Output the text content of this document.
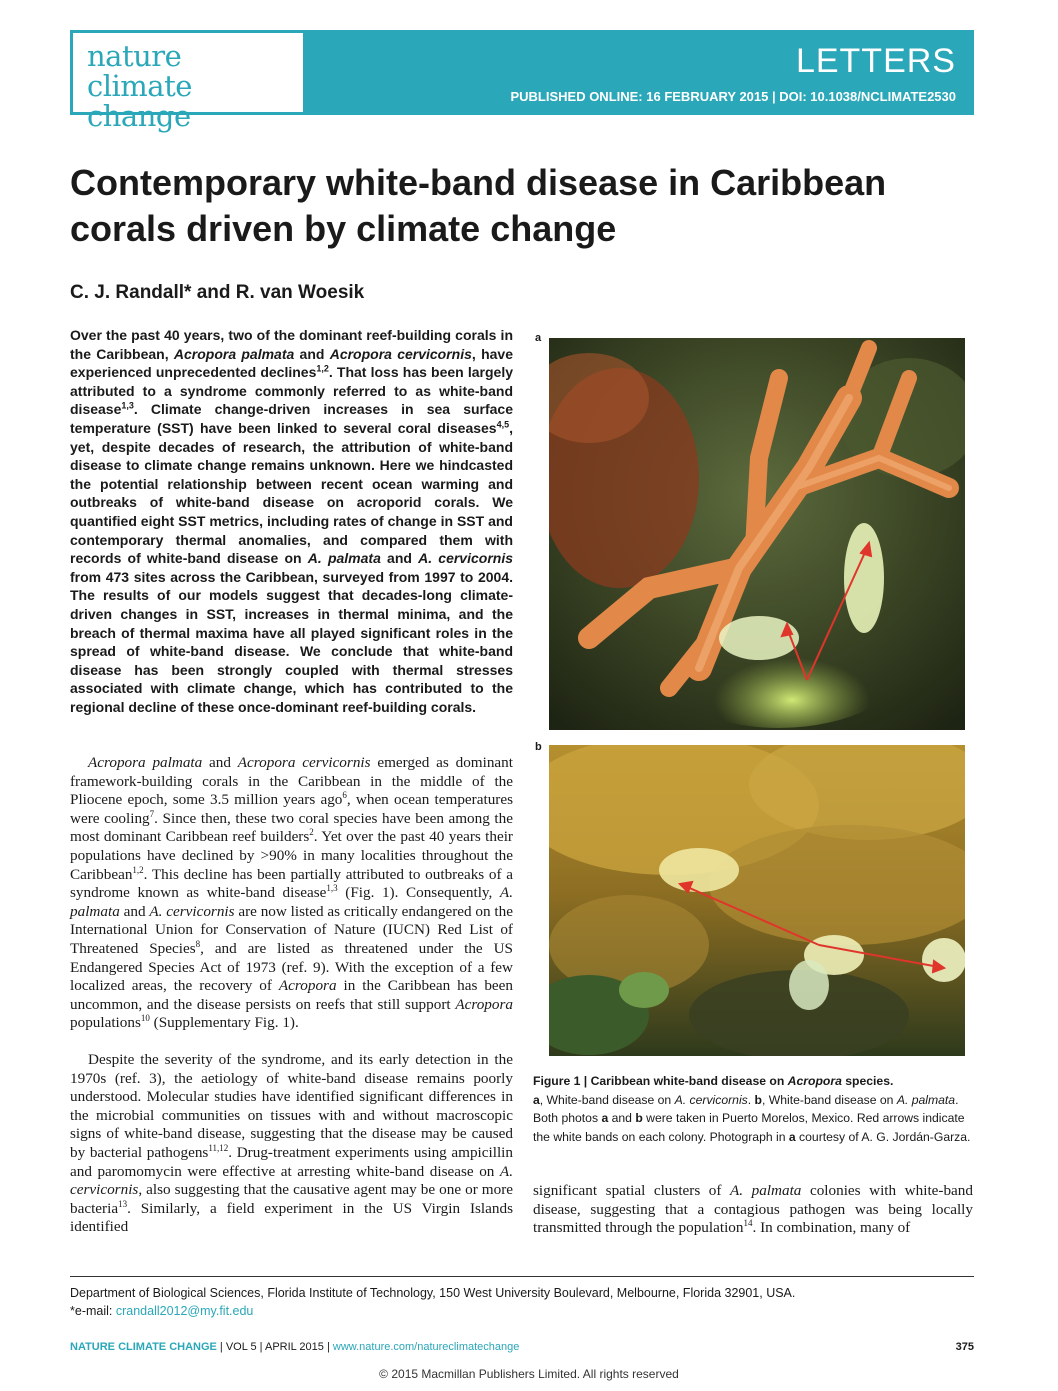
nature
climate change
LETTERS
PUBLISHED ONLINE: 16 FEBRUARY 2015 | DOI: 10.1038/NCLIMATE2530
Contemporary white-band disease in Caribbean
corals driven by climate change
C. J. Randall* and R. van Woesik
Over the past 40 years, two of the dominant reef-building corals in the Caribbean, Acropora palmata and Acropora cervicornis, have experienced unprecedented declines$^{1,2}$. That loss has been largely attributed to a syndrome commonly referred to as white-band disease$^{1,3}$. Climate change-driven increases in sea surface temperature (SST) have been linked to several coral diseases$^{4,5}$, yet, despite decades of research, the attribution of white-band disease to climate change remains unknown. Here we hindcasted the potential relationship between recent ocean warming and outbreaks of white-band disease on acroporid corals. We quantified eight SST metrics, including rates of change in SST and contemporary thermal anomalies, and compared them with records of white-band disease on A. palmata and A. cervicornis from 473 sites across the Caribbean, surveyed from 1997 to 2004. The results of our models suggest that decades-long climate-driven changes in SST, increases in thermal minima, and the breach of thermal maxima have all played significant roles in the spread of white-band disease. We conclude that white-band disease has been strongly coupled with thermal stresses associated with climate change, which has contributed to the regional decline of these once-dominant reef-building corals.
Acropora palmata and Acropora cervicornis emerged as dominant framework-building corals in the Caribbean in the middle of the Pliocene epoch, some 3.5 million years ago$^6$, when ocean temperatures were cooling$^7$. Since then, these two coral species have been among the most dominant Caribbean reef builders$^2$. Yet over the past 40 years their populations have declined by >90% in many localities throughout the Caribbean$^{1,2}$. This decline has been partially attributed to outbreaks of a syndrome known as white-band disease$^{1,3}$ (Fig. 1). Consequently, A. palmata and A. cervicornis are now listed as critically endangered on the International Union for Conservation of Nature (IUCN) Red List of Threatened Species$^8$, and are listed as threatened under the US Endangered Species Act of 1973 (ref. 9). With the exception of a few localized areas, the recovery of Acropora in the Caribbean has been uncommon, and the disease persists on reefs that still support Acropora populations$^{10}$ (Supplementary Fig. 1).
Despite the severity of the syndrome, and its early detection in the 1970s (ref. 3), the aetiology of white-band disease remains poorly understood. Molecular studies have identified significant differences in the microbial communities on tissues with and without macroscopic signs of white-band disease, suggesting that the disease may be caused by bacterial pathogens$^{11,12}$. Drug-treatment experiments using ampicillin and paromomycin were effective at arresting white-band disease on A. cervicornis, also suggesting that the causative agent may be one or more bacteria$^{13}$. Similarly, a field experiment in the US Virgin Islands identified
a
b
Figure 1 | Caribbean white-band disease on Acropora species.
a, White-band disease on A. cervicornis. b, White-band disease on A. palmata. Both photos a and b were taken in Puerto Morelos, Mexico. Red arrows indicate the white bands on each colony. Photograph in a courtesy of A. G. Jordán-Garza.
significant spatial clusters of A. palmata colonies with white-band disease, suggesting that a contagious pathogen was being locally transmitted through the population$^{14}$. In combination, many of
Department of Biological Sciences, Florida Institute of Technology, 150 West University Boulevard, Melbourne, Florida 32901, USA.
*e-mail: crandall2012@my.fit.edu
NATURE CLIMATE CHANGE | VOL 5 | APRIL 2015 | www.nature.com/natureclimatechange	375
© 2015 Macmillan Publishers Limited. All rights reserved
